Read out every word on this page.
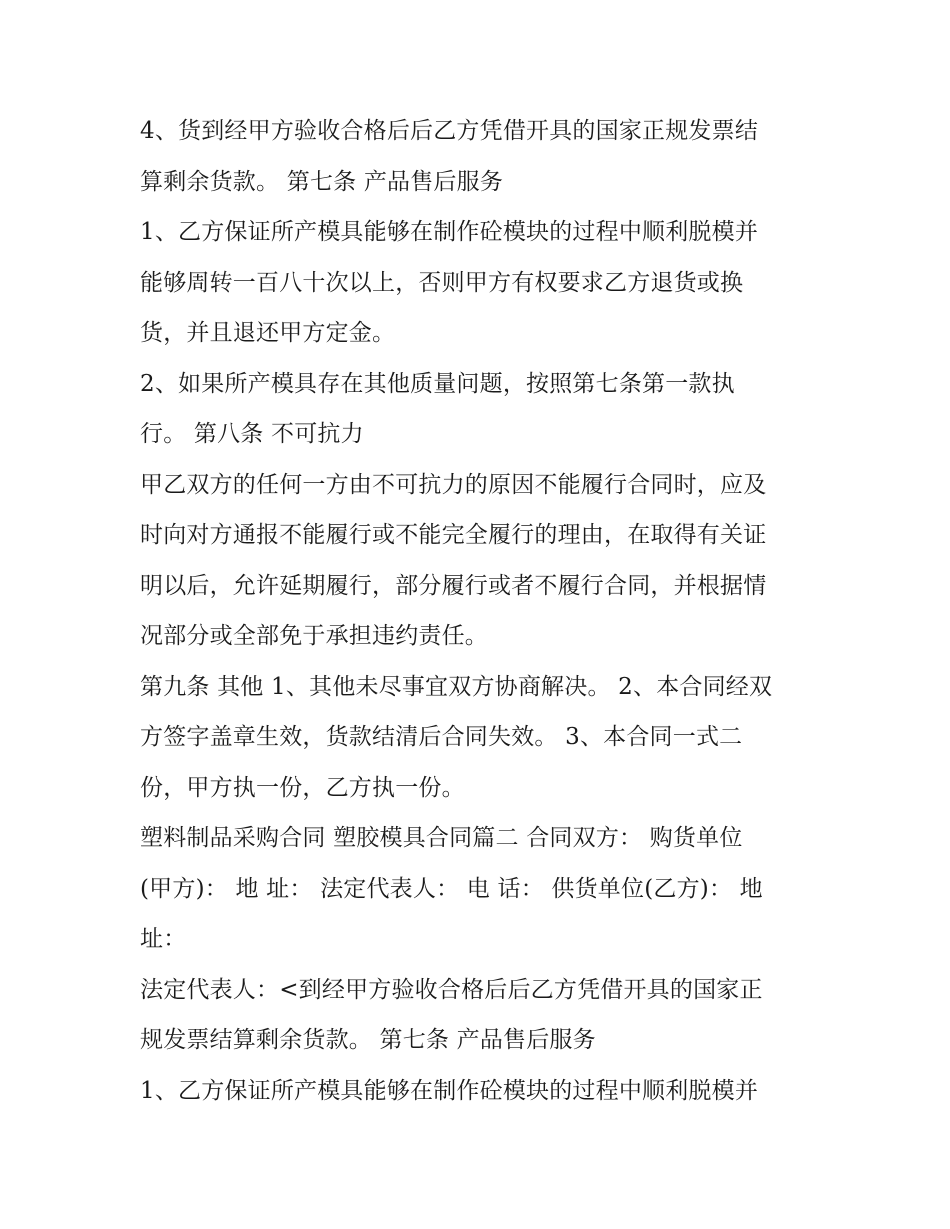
4、货到经甲方验收合格后后乙方凭借开具的国家正规发票结
算剩余货款。 第七条 产品售后服务
1、乙方保证所产模具能够在制作砼模块的过程中顺利脱模并
能够周转一百八十次以上，否则甲方有权要求乙方退货或换
货，并且退还甲方定金。
2、如果所产模具存在其他质量问题，按照第七条第一款执
行。 第八条 不可抗力
甲乙双方的任何一方由不可抗力的原因不能履行合同时，应及
时向对方通报不能履行或不能完全履行的理由，在取得有关证
明以后，允许延期履行，部分履行或者不履行合同，并根据情
况部分或全部免于承担违约责任。
第九条 其他 1、其他未尽事宜双方协商解决。 2、本合同经双
方签字盖章生效，货款结清后合同失效。 3、本合同一式二
份，甲方执一份，乙方执一份。
塑料制品采购合同 塑胶模具合同篇二 合同双方： 购货单位
(甲方)： 地 址： 法定代表人： 电 话： 供货单位(乙方)： 地
址：
法定代表人：<到经甲方验收合格后后乙方凭借开具的国家正
规发票结算剩余货款。 第七条 产品售后服务
1、乙方保证所产模具能够在制作砼模块的过程中顺利脱模并
